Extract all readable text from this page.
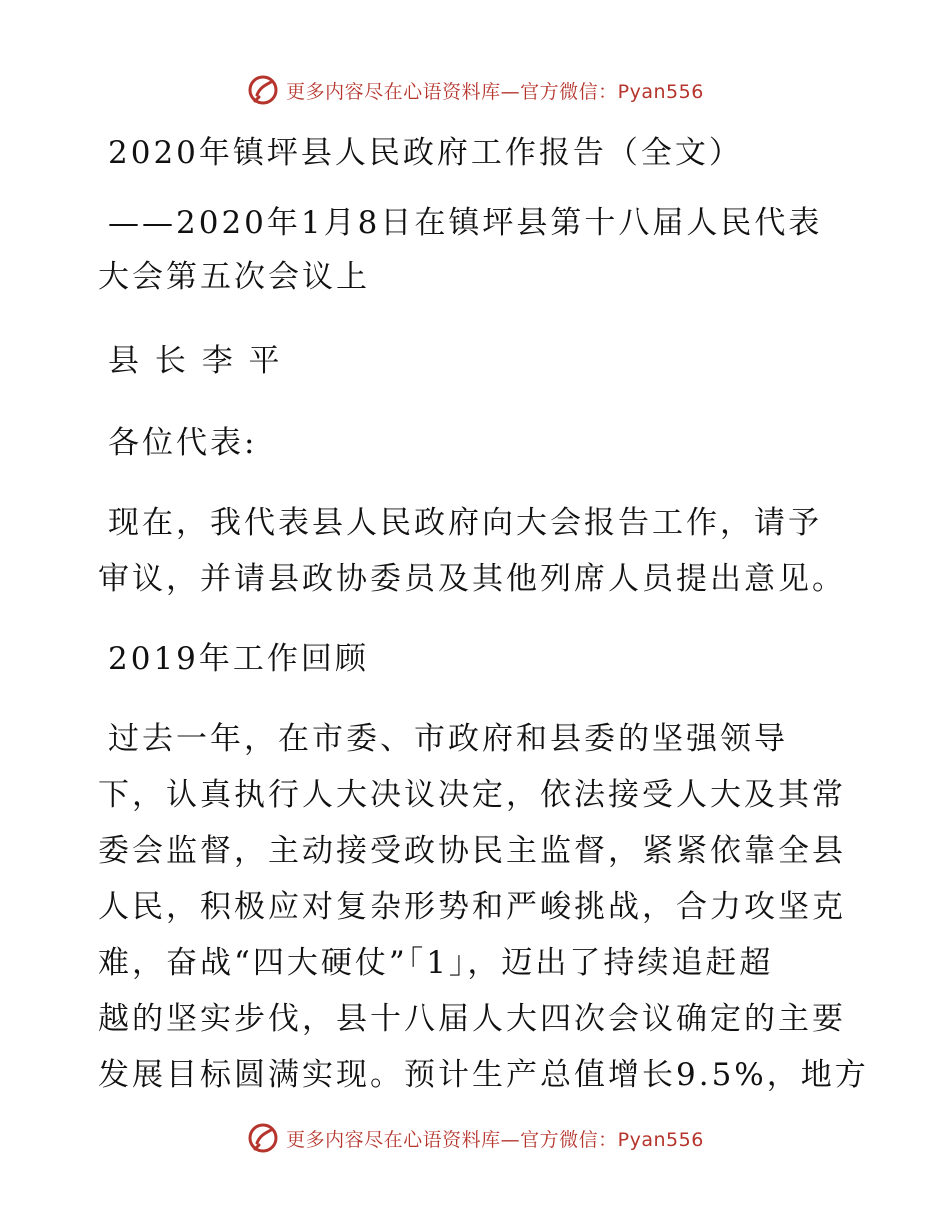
更多内容尽在心语资料库—官方微信：Pyan556

2020年镇坪县人民政府工作报告（全文）

——2020年1月8日在镇坪县第十八届人民代表

大会第五次会议上

县 长 李 平

各位代表:

现在，我代表县人民政府向大会报告工作，请予

审议，并请县政协委员及其他列席人员提出意见。

2019年工作回顾

过去一年，在市委、市政府和县委的坚强领导

下，认真执行人大决议决定，依法接受人大及其常

委会监督，主动接受政协民主监督，紧紧依靠全县

人民，积极应对复杂形势和严峻挑战，合力攻坚克

难，奋战“四大硬仗”「1」，迈出了持续追赶超

越的坚实步伐，县十八届人大四次会议确定的主要

发展目标圆满实现。预计生产总值增长9.5%，地方

更多内容尽在心语资料库—官方微信：Pyan556
